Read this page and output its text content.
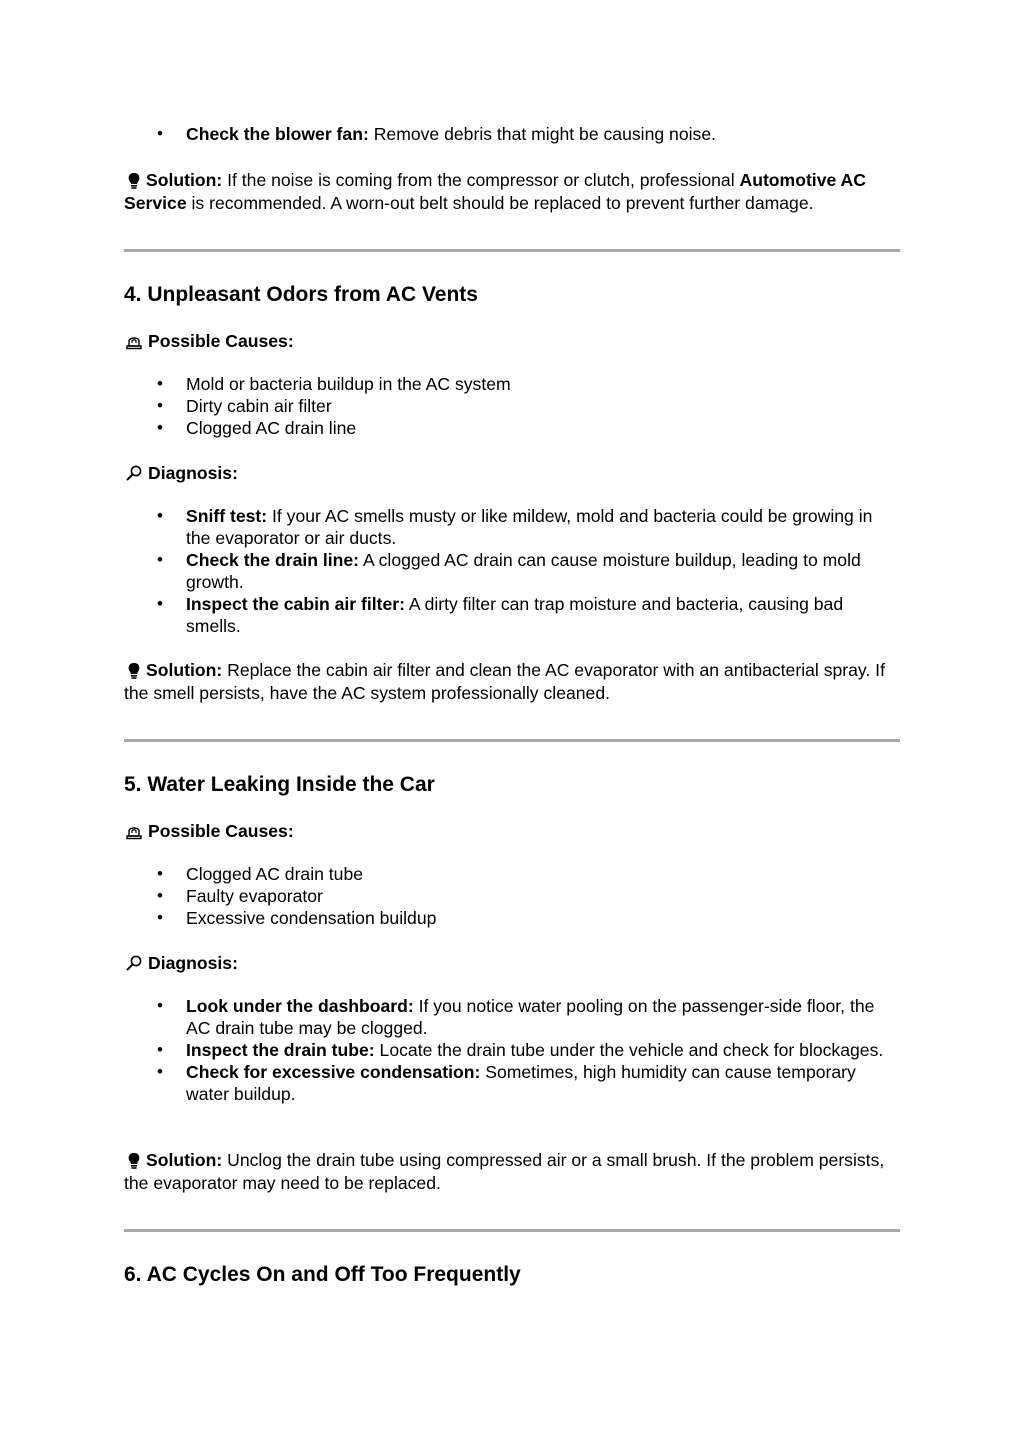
• Check the blower fan: Remove debris that might be causing noise.
Solution: If the noise is coming from the compressor or clutch, professional Automotive AC Service is recommended. A worn-out belt should be replaced to prevent further damage.
4. Unpleasant Odors from AC Vents
Possible Causes:
• Mold or bacteria buildup in the AC system
• Dirty cabin air filter
• Clogged AC drain line
Diagnosis:
• Sniff test: If your AC smells musty or like mildew, mold and bacteria could be growing in the evaporator or air ducts.
• Check the drain line: A clogged AC drain can cause moisture buildup, leading to mold growth.
• Inspect the cabin air filter: A dirty filter can trap moisture and bacteria, causing bad smells.
Solution: Replace the cabin air filter and clean the AC evaporator with an antibacterial spray. If the smell persists, have the AC system professionally cleaned.
5. Water Leaking Inside the Car
Possible Causes:
• Clogged AC drain tube
• Faulty evaporator
• Excessive condensation buildup
Diagnosis:
• Look under the dashboard: If you notice water pooling on the passenger-side floor, the AC drain tube may be clogged.
• Inspect the drain tube: Locate the drain tube under the vehicle and check for blockages.
• Check for excessive condensation: Sometimes, high humidity can cause temporary water buildup.
Solution: Unclog the drain tube using compressed air or a small brush. If the problem persists, the evaporator may need to be replaced.
6. AC Cycles On and Off Too Frequently
